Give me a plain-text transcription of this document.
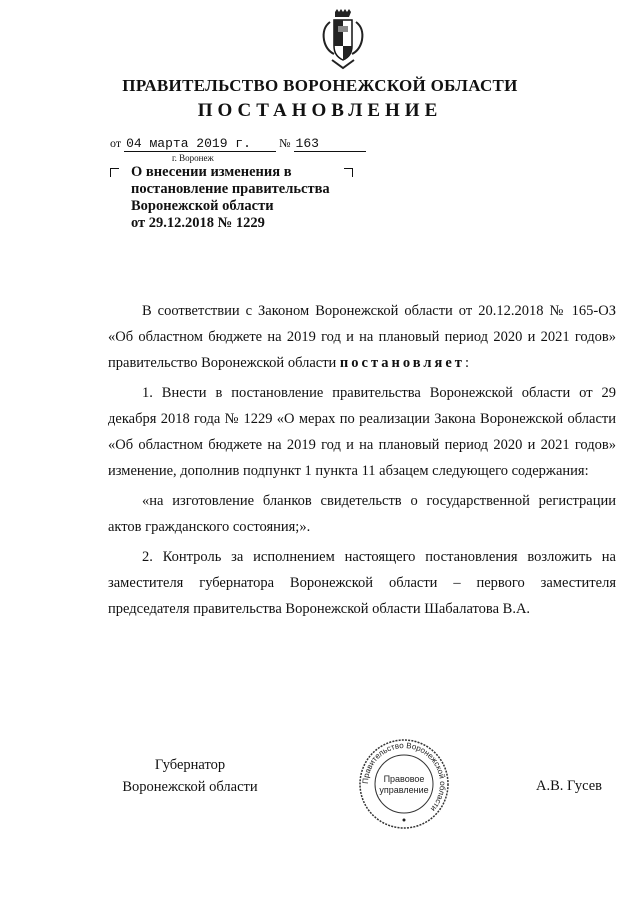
ПРАВИТЕЛЬСТВО ВОРОНЕЖСКОЙ ОБЛАСТИ
ПОСТАНОВЛЕНИЕ
от 04 марта 2019 г. № 163
г. Воронеж
О внесении изменения в
постановление правительства
Воронежской области
от 29.12.2018 № 1229

В соответствии с Законом Воронежской области от 20.12.2018 № 165-ОЗ «Об областном бюджете на 2019 год и на плановый период 2020 и 2021 годов» правительство Воронежской области постановляет:

1. Внести в постановление правительства Воронежской области от 29 декабря 2018 года № 1229 «О мерах по реализации Закона Воронежской области «Об областном бюджете на 2019 год и на плановый период 2020 и 2021 годов» изменение, дополнив подпункт 1 пункта 11 абзацем следующего содержания:

«на изготовление бланков свидетельств о государственной регистрации актов гражданского состояния;».

2. Контроль за исполнением настоящего постановления возложить на заместителя губернатора Воронежской области – первого заместителя председателя правительства Воронежской области Шабалатова В.А.

Губернатор
Воронежской области	Правительство Воронежской области
Правовое
управление	А.В. Гусев
